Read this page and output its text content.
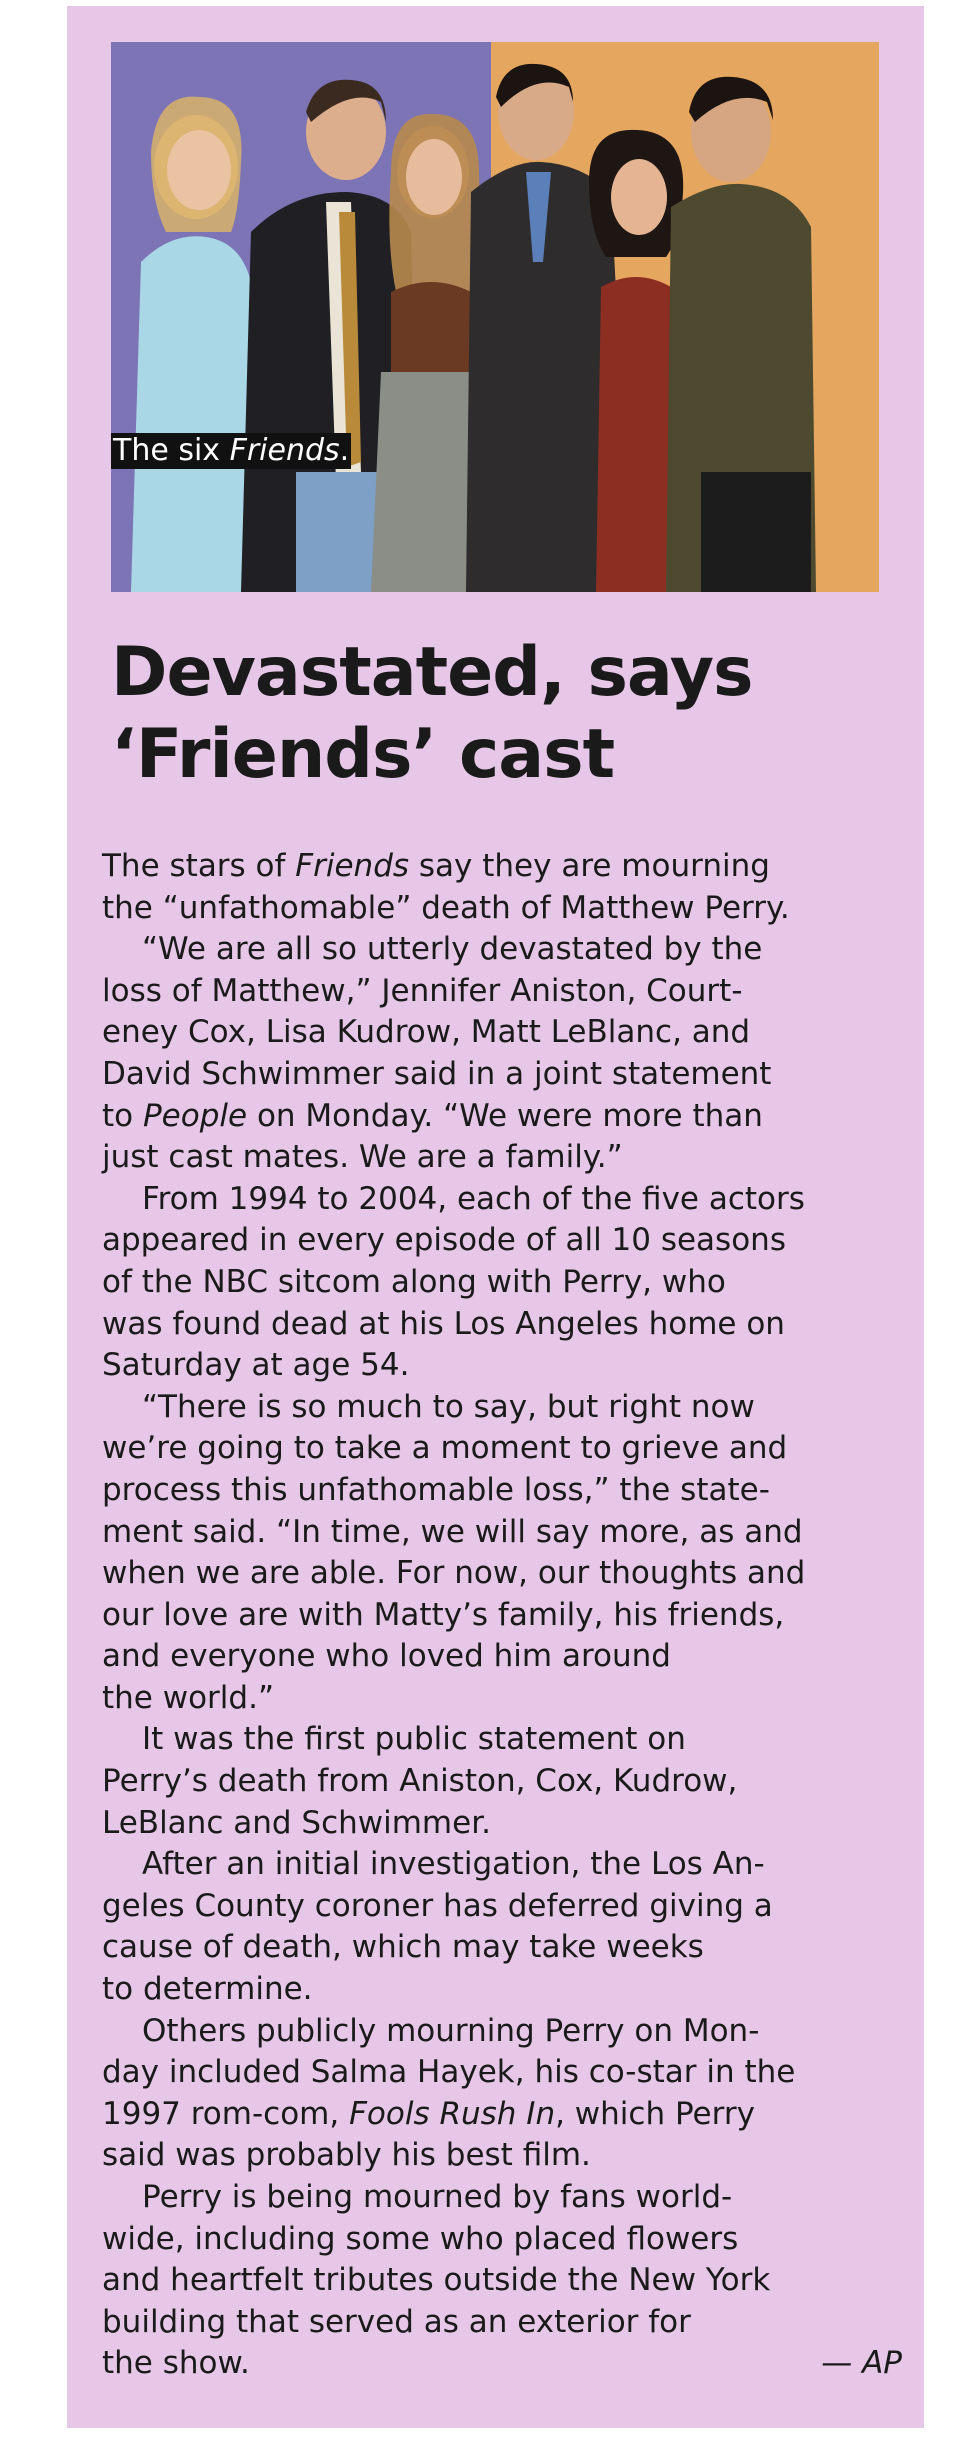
The six Friends.
Devastated, says
‘Friends’ cast
The stars of Friends say they are mourning
the “unfathomable” death of Matthew Perry.
“We are all so utterly devastated by the
loss of Matthew,” Jennifer Aniston, Court-
eney Cox, Lisa Kudrow, Matt LeBlanc, and
David Schwimmer said in a joint statement
to People on Monday. “We were more than
just cast mates. We are a family.”
From 1994 to 2004, each of the five actors
appeared in every episode of all 10 seasons
of the NBC sitcom along with Perry, who
was found dead at his Los Angeles home on
Saturday at age 54.
“There is so much to say, but right now
we’re going to take a moment to grieve and
process this unfathomable loss,” the state-
ment said. “In time, we will say more, as and
when we are able. For now, our thoughts and
our love are with Matty’s family, his friends,
and everyone who loved him around
the world.”
It was the first public statement on
Perry’s death from Aniston, Cox, Kudrow,
LeBlanc and Schwimmer.
After an initial investigation, the Los An-
geles County coroner has deferred giving a
cause of death, which may take weeks
to determine.
Others publicly mourning Perry on Mon-
day included Salma Hayek, his co-star in the
1997 rom-com, Fools Rush In, which Perry
said was probably his best film.
Perry is being mourned by fans world-
wide, including some who placed flowers
and heartfelt tributes outside the New York
building that served as an exterior for
the show.	— AP
